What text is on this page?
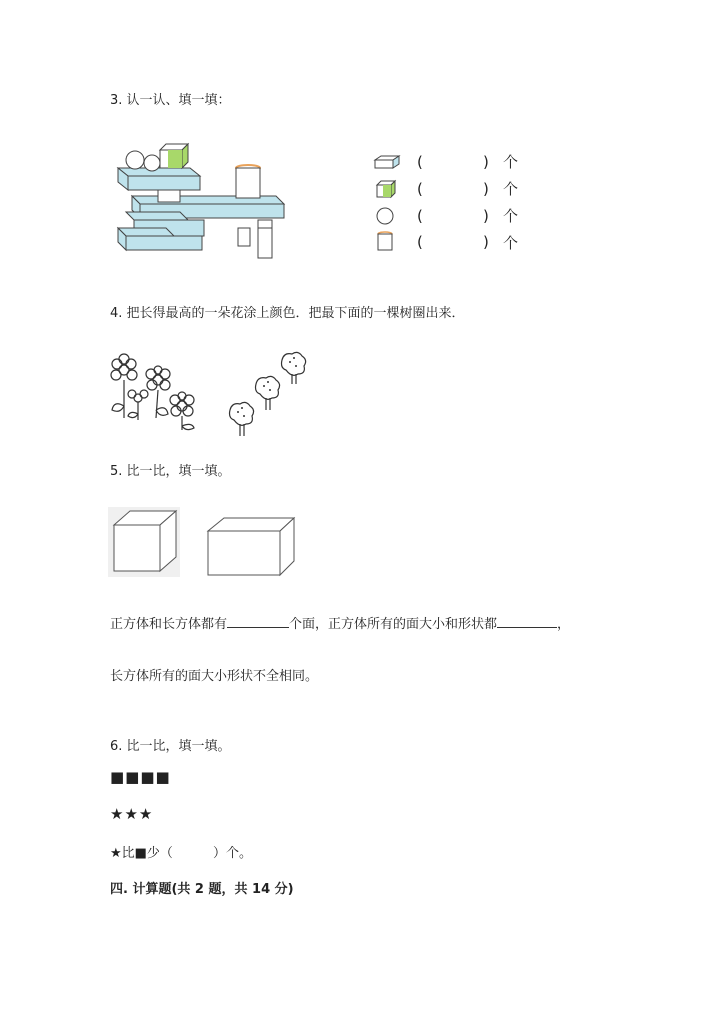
3. 认一认、填一填：
(	) 个
(	) 个
(	) 个
(	) 个
4. 把长得最高的一朵花涂上颜色．把最下面的一棵树圈出来．
5. 比一比，填一填。
正方体和长方体都有	个面，正方体所有的面大小和形状都	，
长方体所有的面大小形状不全相同。
6. 比一比，填一填。
■■■■
★★★
★比■少（	）个。
四. 计算题(共 2 题，共 14 分)
